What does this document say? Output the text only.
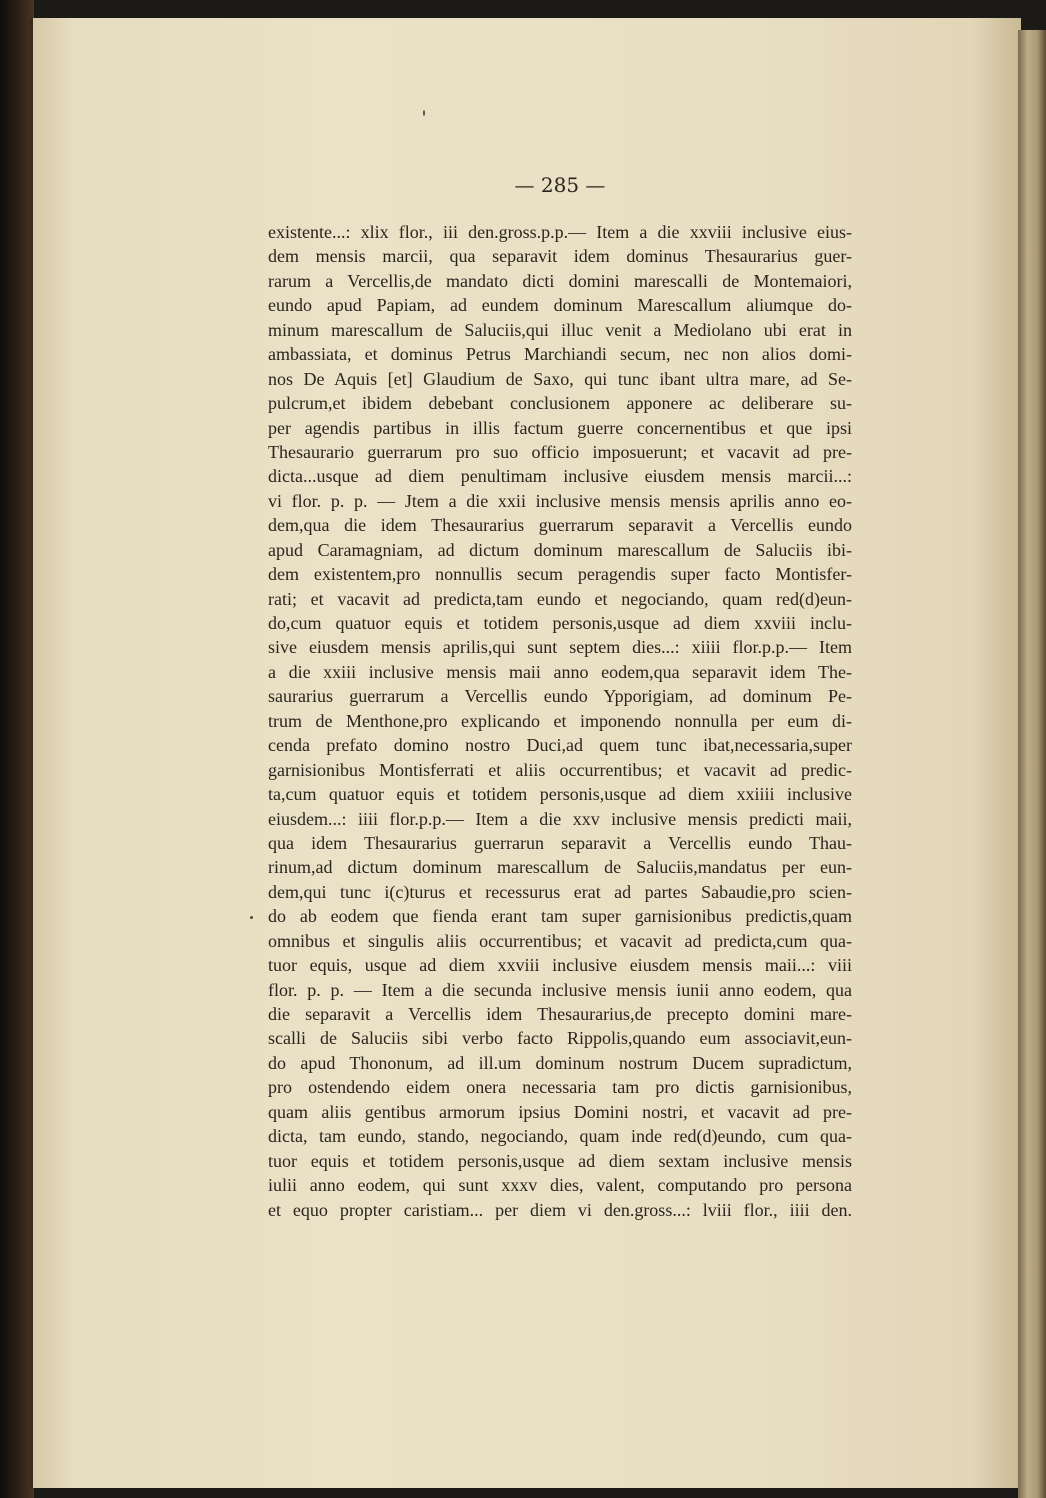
— 285 —
existente...: xlix flor., iii den.gross.p.p.— Item a die xxviii inclusive eius-
dem mensis marcii, qua separavit idem dominus Thesaurarius guer-
rarum a Vercellis,de mandato dicti domini marescalli de Montemaiori,
eundo apud Papiam, ad eundem dominum Marescallum aliumque do-
minum marescallum de Saluciis,qui illuc venit a Mediolano ubi erat in
ambassiata, et dominus Petrus Marchiandi secum, nec non alios domi-
nos De Aquis [et] Glaudium de Saxo, qui tunc ibant ultra mare, ad Se-
pulcrum,et ibidem debebant conclusionem apponere ac deliberare su-
per agendis partibus in illis factum guerre concernentibus et que ipsi
Thesaurario guerrarum pro suo officio imposuerunt; et vacavit ad pre-
dicta...usque ad diem penultimam inclusive eiusdem mensis marcii...:
vi flor. p. p. — Jtem a die xxii inclusive mensis mensis aprilis anno eo-
dem,qua die idem Thesaurarius guerrarum separavit a Vercellis eundo
apud Caramagniam, ad dictum dominum marescallum de Saluciis ibi-
dem existentem,pro nonnullis secum peragendis super facto Montisfer-
rati; et vacavit ad predicta,tam eundo et negociando, quam red(d)eun-
do,cum quatuor equis et totidem personis,usque ad diem xxviii inclu-
sive eiusdem mensis aprilis,qui sunt septem dies...: xiiii flor.p.p.— Item
a die xxiii inclusive mensis maii anno eodem,qua separavit idem The-
saurarius guerrarum a Vercellis eundo Ypporigiam, ad dominum Pe-
trum de Menthone,pro explicando et imponendo nonnulla per eum di-
cenda prefato domino nostro Duci,ad quem tunc ibat,necessaria,super
garnisionibus Montisferrati et aliis occurrentibus; et vacavit ad predic-
ta,cum quatuor equis et totidem personis,usque ad diem xxiiii inclusive
eiusdem...: iiii flor.p.p.— Item a die xxv inclusive mensis predicti maii,
qua idem Thesaurarius guerrarun separavit a Vercellis eundo Thau-
rinum,ad dictum dominum marescallum de Saluciis,mandatus per eun-
dem,qui tunc i(c)turus et recessurus erat ad partes Sabaudie,pro scien-
do ab eodem que fienda erant tam super garnisionibus predictis,quam
omnibus et singulis aliis occurrentibus; et vacavit ad predicta,cum qua-
tuor equis, usque ad diem xxviii inclusive eiusdem mensis maii...: viii
flor. p. p. — Item a die secunda inclusive mensis iunii anno eodem, qua
die separavit a Vercellis idem Thesaurarius,de precepto domini mare-
scalli de Saluciis sibi verbo facto Rippolis,quando eum associavit,eun-
do apud Thononum, ad ill.um dominum nostrum Ducem supradictum,
pro ostendendo eidem onera necessaria tam pro dictis garnisionibus,
quam aliis gentibus armorum ipsius Domini nostri, et vacavit ad pre-
dicta, tam eundo, stando, negociando, quam inde red(d)eundo, cum qua-
tuor equis et totidem personis,usque ad diem sextam inclusive mensis
iulii anno eodem, qui sunt xxxv dies, valent, computando pro persona
et equo propter caristiam... per diem vi den.gross...: lviii flor., iiii den.
